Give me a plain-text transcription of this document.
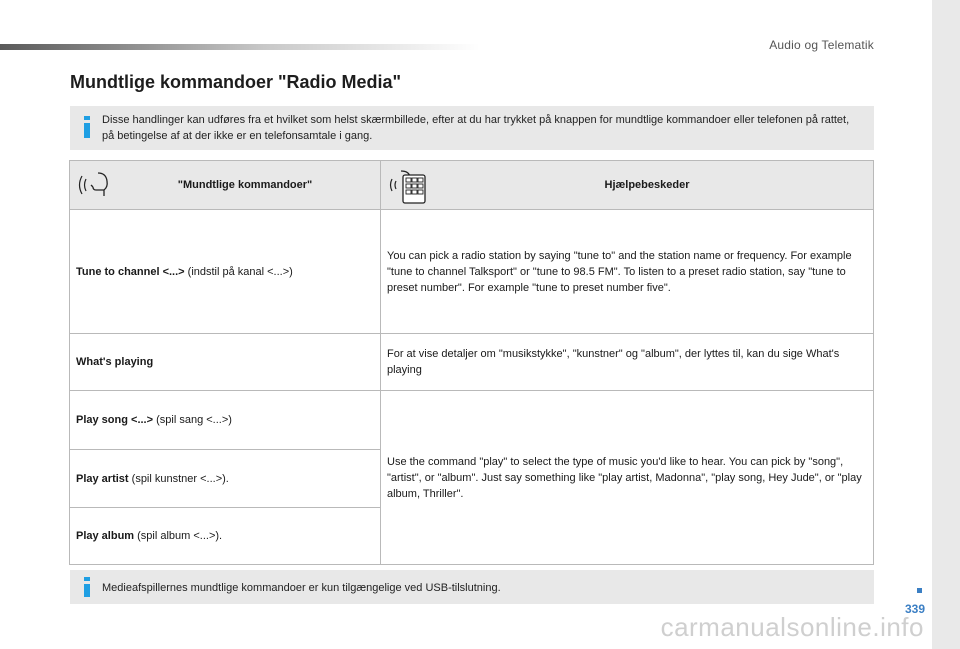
Audio og Telematik
Mundtlige kommandoer "Radio Media"
Disse handlinger kan udføres fra et hvilket som helst skærmbillede, efter at du har trykket på knappen for mundtlige kommandoer eller telefonen på rattet, på betingelse af at der ikke er en telefonsamtale i gang.
"Mundtlige kommandoer"	Hjælpebeskeder

Tune to channel <...> (indstil på kanal <...>)	You can pick a radio station by saying "tune to" and the station name or frequency. For example "tune to channel Talksport" or "tune to 98.5 FM". To listen to a preset radio station, say "tune to preset number". For example "tune to preset number five".
What's playing	For at vise detaljer om "musikstykke", "kunstner" og "album", der lyttes til, kan du sige What's playing
Play song <...> (spil sang <...>)	Use the command "play" to select the type of music you'd like to hear. You can pick by "song", "artist", or "album". Just say something like "play artist, Madonna", "play song, Hey Jude", or "play album, Thriller".
Play artist (spil kunstner <...>).	
Play album (spil album <...>).	
Medieafspillernes mundtlige kommandoer er kun tilgængelige ved USB-tilslutning.
339
carmanualsonline.info
